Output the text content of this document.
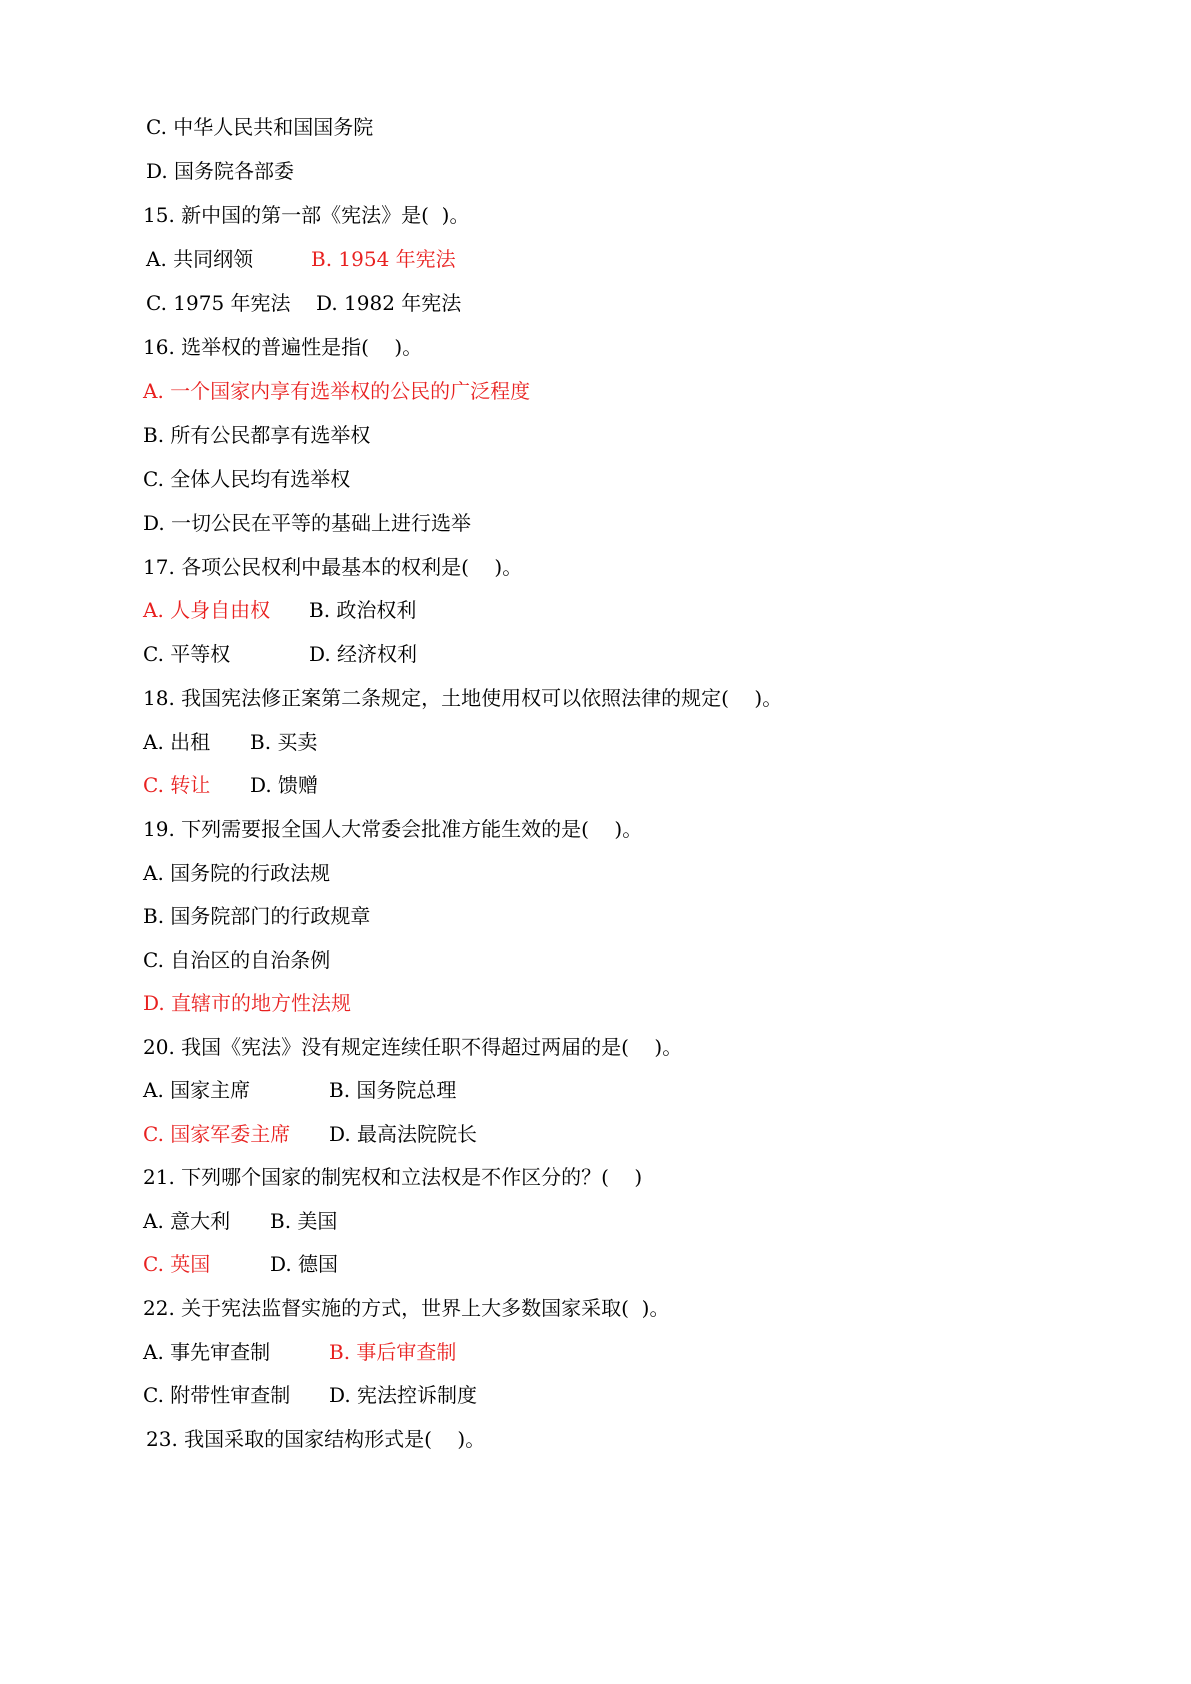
C. 中华人民共和国国务院
D. 国务院各部委
15. 新中国的第一部《宪法》是(  )。
A. 共同纲领	B. 1954 年宪法
C. 1975 年宪法 D. 1982 年宪法
16. 选举权的普遍性是指(    )。
A. 一个国家内享有选举权的公民的广泛程度
B. 所有公民都享有选举权
C. 全体人民均有选举权
D. 一切公民在平等的基础上进行选举
17. 各项公民权利中最基本的权利是(    )。
A. 人身自由权 B. 政治权利
C. 平等权	D. 经济权利
18. 我国宪法修正案第二条规定，土地使用权可以依照法律的规定(    )。
A. 出租 B. 买卖
C. 转让 D. 馈赠
19. 下列需要报全国人大常委会批准方能生效的是(    )。
A. 国务院的行政法规
B. 国务院部门的行政规章
C. 自治区的自治条例
D. 直辖市的地方性法规
20. 我国《宪法》没有规定连续任职不得超过两届的是(    )。
A. 国家主席	B. 国务院总理
C. 国家军委主席 D. 最高法院院长
21. 下列哪个国家的制宪权和立法权是不作区分的？(    )
A. 意大利 B. 美国
C. 英国	D. 德国
22. 关于宪法监督实施的方式，世界上大多数国家采取(  )。
A. 事先审查制	B. 事后审查制
C. 附带性审查制 D. 宪法控诉制度
23. 我国采取的国家结构形式是(    )。
